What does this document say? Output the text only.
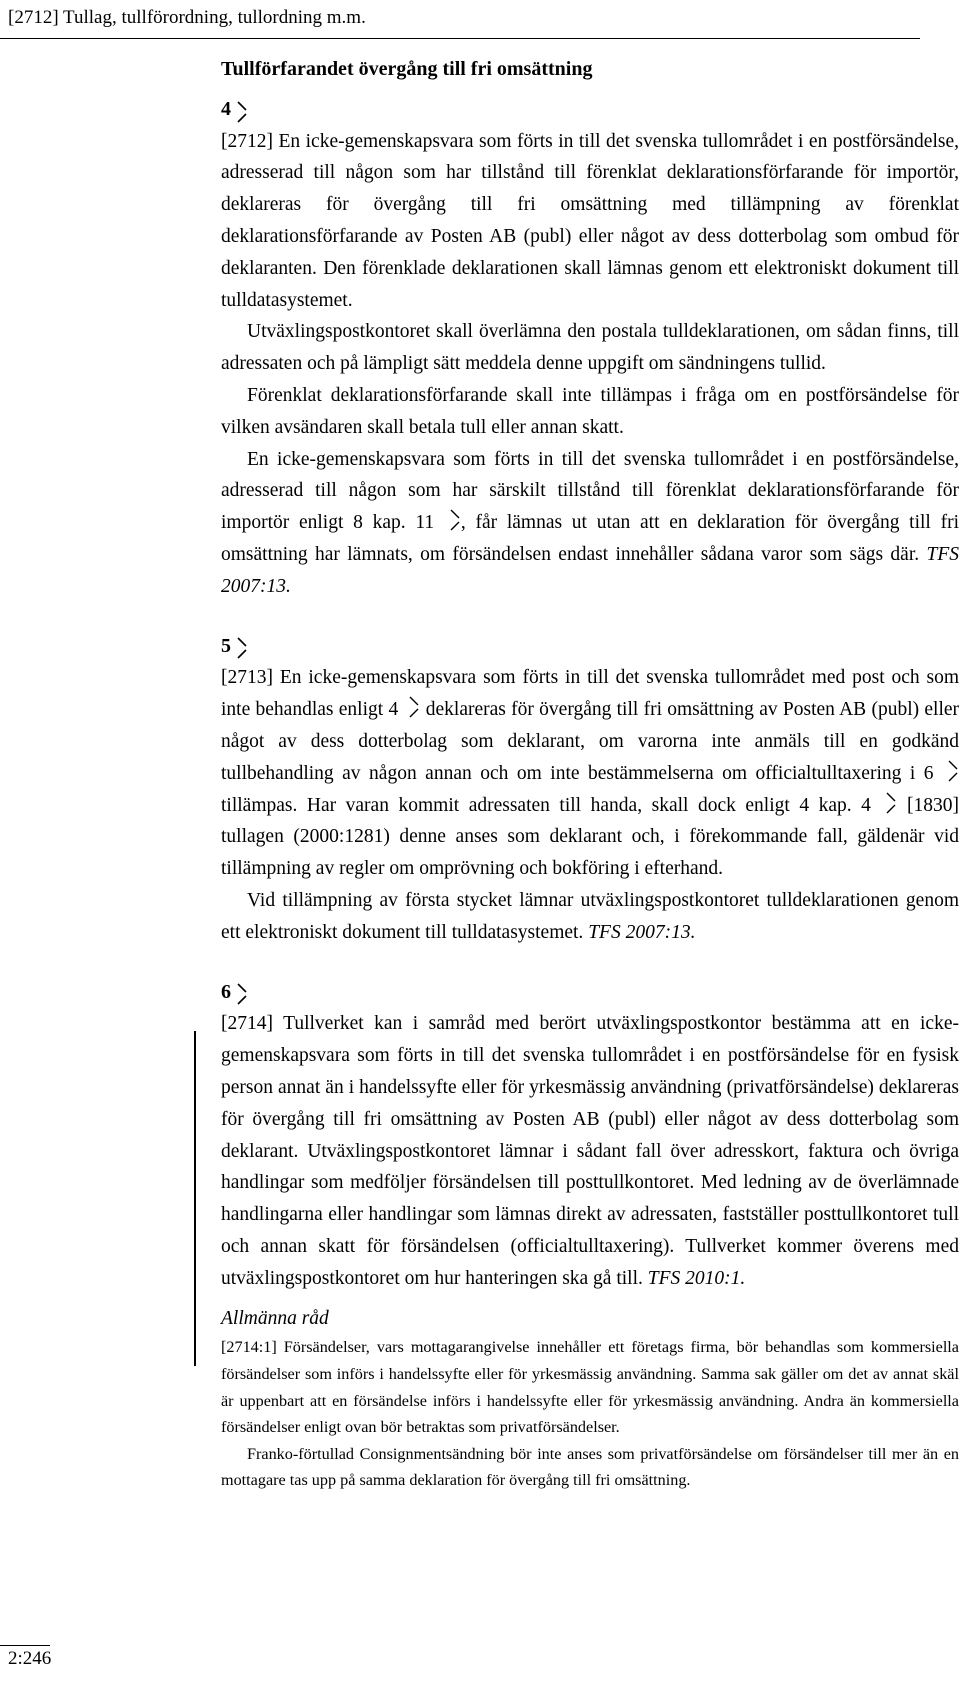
[2712] Tullag, tullförordning, tullordning m.m.

Tullförfarandet övergång till fri omsättning

4

[2712] En icke-gemenskapsvara som förts in till det svenska tullområdet i en postförsändelse, adresserad till någon som har tillstånd till förenklat deklarationsförfarande för importör, deklareras för övergång till fri omsättning med tillämpning av förenklat deklarationsförfarande av Posten AB (publ) eller något av dess dotterbolag som ombud för deklaranten. Den förenklade deklarationen skall lämnas genom ett elektroniskt dokument till tulldatasystemet.

Utväxlingspostkontoret skall överlämna den postala tulldeklarationen, om sådan finns, till adressaten och på lämpligt sätt meddela denne uppgift om sändningens tullid.

Förenklat deklarationsförfarande skall inte tillämpas i fråga om en postförsändelse för vilken avsändaren skall betala tull eller annan skatt.

En icke-gemenskapsvara som förts in till det svenska tullområdet i en postförsändelse, adresserad till någon som har särskilt tillstånd till förenklat deklarationsförfarande för importör enligt 8 kap. 11 , får lämnas ut utan att en deklaration för övergång till fri omsättning har lämnats, om försändelsen endast innehåller sådana varor som sägs där. TFS 2007:13.

5

[2713] En icke-gemenskapsvara som förts in till det svenska tullområdet med post och som inte behandlas enligt 4 deklareras för övergång till fri omsättning av Posten AB (publ) eller något av dess dotterbolag som deklarant, om varorna inte anmäls till en godkänd tullbehandling av någon annan och om inte bestämmelserna om officialtulltaxering i 6
tillämpas. Har varan kommit adressaten till handa, skall dock enligt 4 kap. 4 [1830] tullagen (2000:1281) denne anses som deklarant och, i förekommande fall, gäldenär vid tillämpning av regler om omprövning och bokföring i efterhand.

Vid tillämpning av första stycket lämnar utväxlingspostkontoret tulldeklarationen genom ett elektroniskt dokument till tulldatasystemet. TFS 2007:13.

6

[2714] Tullverket kan i samråd med berört utväxlingspostkontor bestämma att en icke-gemenskapsvara som förts in till det svenska tullområdet i en postförsändelse för en fysisk person annat än i handelssyfte eller för yrkesmässig användning (privatförsändelse) deklareras för övergång till fri omsättning av Posten AB (publ) eller något av dess dotterbolag som deklarant. Utväxlingspostkontoret lämnar i sådant fall över adresskort, faktura och övriga handlingar som medföljer försändelsen till posttullkontoret. Med ledning av de överlämnade handlingarna eller handlingar som lämnas direkt av adressaten, fastställer posttullkontoret tull och annan skatt för försändelsen (officialtulltaxering). Tullverket kommer överens med utväxlingspostkontoret om hur hanteringen ska gå till. TFS 2010:1.

Allmänna råd

[2714:1] Försändelser, vars mottagarangivelse innehåller ett företags firma, bör behandlas som kommersiella försändelser som införs i handelssyfte eller för yrkesmässig användning. Samma sak gäller om det av annat skäl är uppenbart att en försändelse införs i handelssyfte eller för yrkesmässig användning. Andra än kommersiella försändelser enligt ovan bör betraktas som privatförsändelser.

Franko-förtullad Consignmentsändning bör inte anses som privatförsändelse om försändelser till mer än en mottagare tas upp på samma deklaration för övergång till fri omsättning.

2:246
